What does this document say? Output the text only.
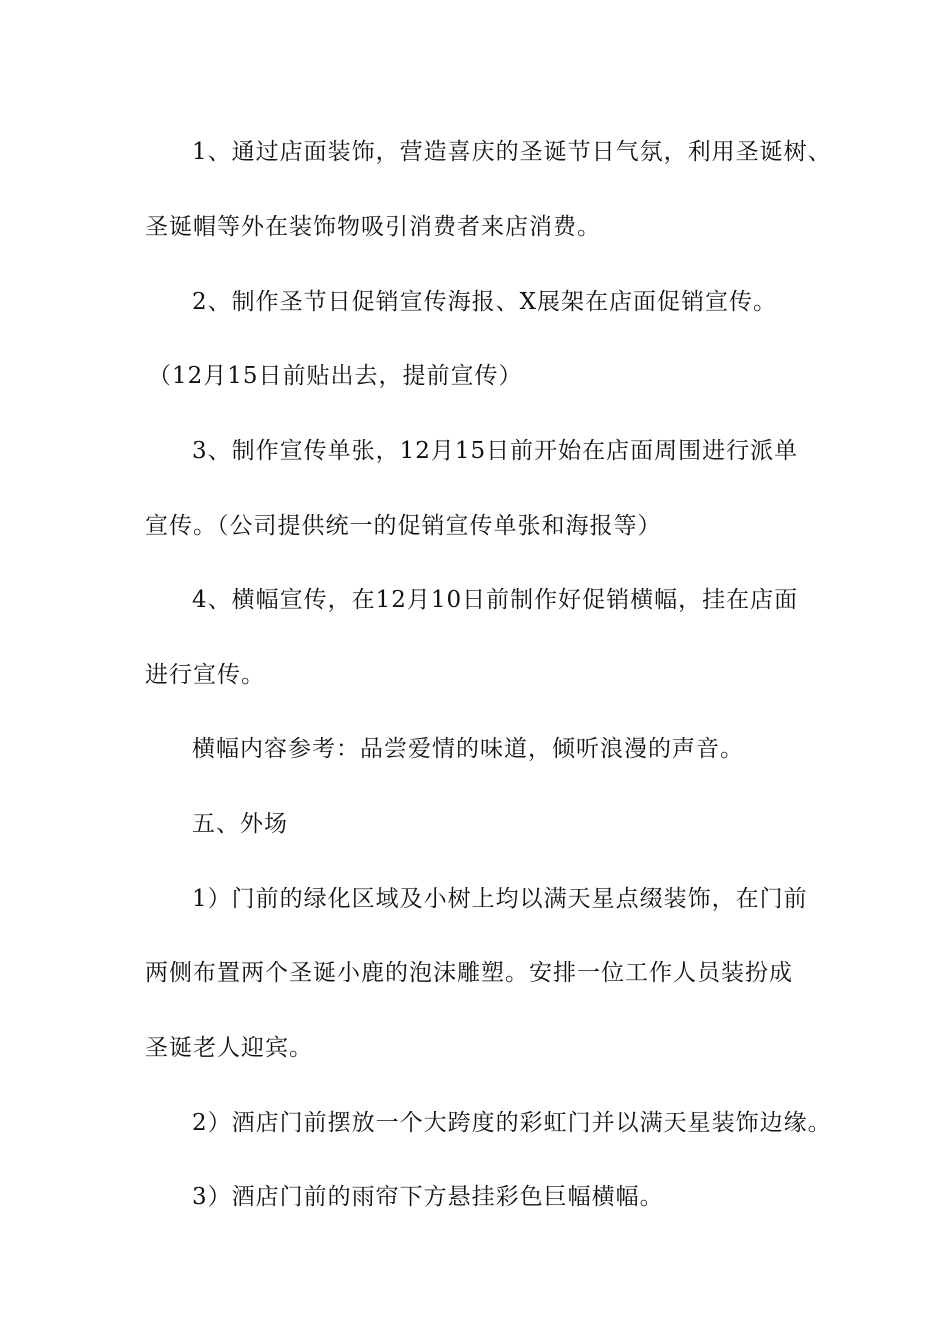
1、通过店面装饰，营造喜庆的圣诞节日气氛，利用圣诞树、
圣诞帽等外在装饰物吸引消费者来店消费。
2、制作圣节日促销宣传海报、X展架在店面促销宣传。
（12月15日前贴出去，提前宣传）
3、制作宣传单张，12月15日前开始在店面周围进行派单
宣传。（公司提供统一的促销宣传单张和海报等）
4、横幅宣传，在12月10日前制作好促销横幅，挂在店面
进行宣传。
横幅内容参考：品尝爱情的味道，倾听浪漫的声音。
五、外场
1）门前的绿化区域及小树上均以满天星点缀装饰，在门前
两侧布置两个圣诞小鹿的泡沫雕塑。安排一位工作人员装扮成
圣诞老人迎宾。
2）酒店门前摆放一个大跨度的彩虹门并以满天星装饰边缘。
3）酒店门前的雨帘下方悬挂彩色巨幅横幅。
